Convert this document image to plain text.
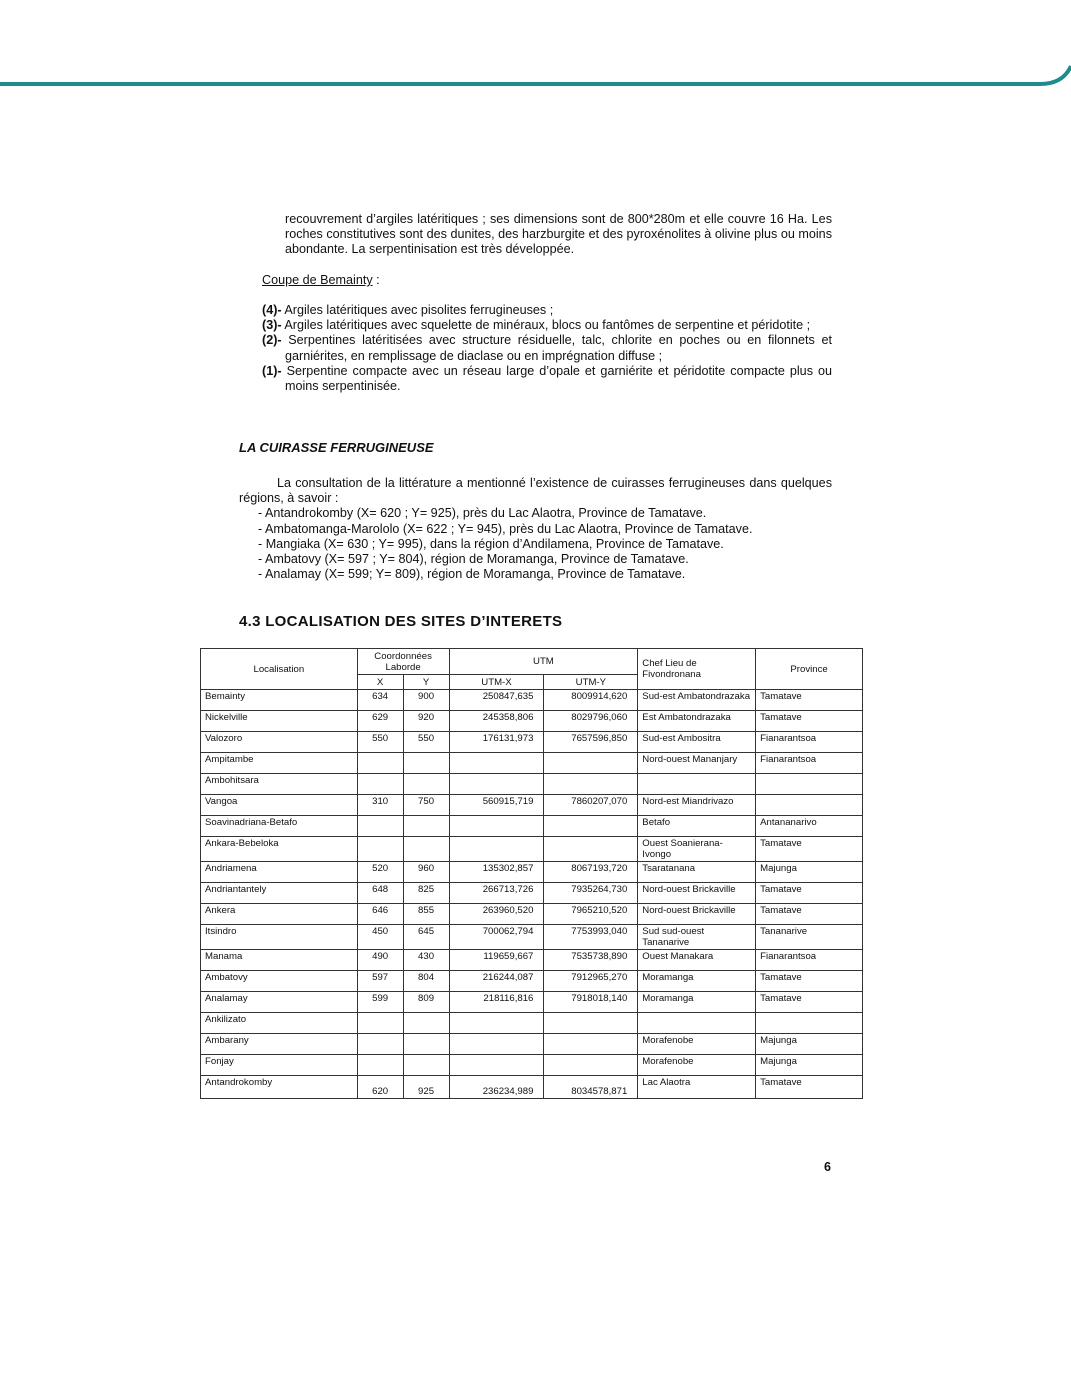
recouvrement d’argiles latéritiques ; ses dimensions sont de 800*280m et elle couvre 16 Ha. Les roches constitutives sont des dunites, des harzburgite et des pyroxénolites à olivine plus ou moins abondante. La serpentinisation est très développée.
Coupe de Bemainty :
(4)- Argiles latéritiques avec pisolites ferrugineuses ;
(3)- Argiles latéritiques avec squelette de minéraux, blocs ou fantômes de serpentine et péridotite ;
(2)- Serpentines latéritisées avec structure résiduelle, talc, chlorite en poches ou en filonnets et garniérites, en remplissage de diaclase ou en imprégnation diffuse ;
(1)- Serpentine compacte avec un réseau large d’opale et garniérite et péridotite compacte plus ou moins serpentinisée.
LA CUIRASSE FERRUGINEUSE
La consultation de la littérature a mentionné l’existence de cuirasses ferrugineuses dans quelques régions, à savoir :
- Antandrokomby (X= 620 ; Y= 925), près du Lac Alaotra, Province de Tamatave.
- Ambatomanga-Marololo (X= 622 ; Y= 945), près du Lac Alaotra, Province de Tamatave.
- Mangiaka (X= 630 ; Y= 995), dans la région d’Andilamena, Province de Tamatave.
- Ambatovy (X= 597 ; Y= 804), région de Moramanga, Province de Tamatave.
- Analamay (X= 599; Y= 809), région de Moramanga, Province de Tamatave.
4.3 LOCALISATION DES SITES D’INTERETS
Localisation	Coordonnées Laborde		UTM		Chef Lieu de Fivondronana	Province
	X	Y	UTM-X	UTM-Y		
Bemainty	634	900	250847,635	8009914,620	Sud-est Ambatondrazaka	Tamatave
Nickelville	629	920	245358,806	8029796,060	Est Ambatondrazaka	Tamatave
Valozoro	550	550	176131,973	7657596,850	Sud-est Ambositra	Fianarantsoa
Ampitambe					Nord-ouest Mananjary	Fianarantsoa
Ambohitsara						
Vangoa	310	750	560915,719	7860207,070	Nord-est Miandrivazo	
Soavinadriana-Betafo					Betafo	Antananarivo
Ankara-Bebeloka					Ouest Soanierana-Ivongo	Tamatave
Andriamena	520	960	135302,857	8067193,720	Tsaratanana	Majunga
Andriantantely	648	825	266713,726	7935264,730	Nord-ouest Brickaville	Tamatave
Ankera	646	855	263960,520	7965210,520	Nord-ouest Brickaville	Tamatave
Itsindro	450	645	700062,794	7753993,040	Sud sud-ouest Tananarive	Tananarive
Manama	490	430	119659,667	7535738,890	Ouest Manakara	Fianarantsoa
Ambatovy	597	804	216244,087	7912965,270	Moramanga	Tamatave
Analamay	599	809	218116,816	7918018,140	Moramanga	Tamatave
Ankilizato						
Ambarany					Morafenobe	Majunga
Fonjay					Morafenobe	Majunga
Antandrokomby	620	925	236234,989	8034578,871	Lac Alaotra	Tamatave
6
